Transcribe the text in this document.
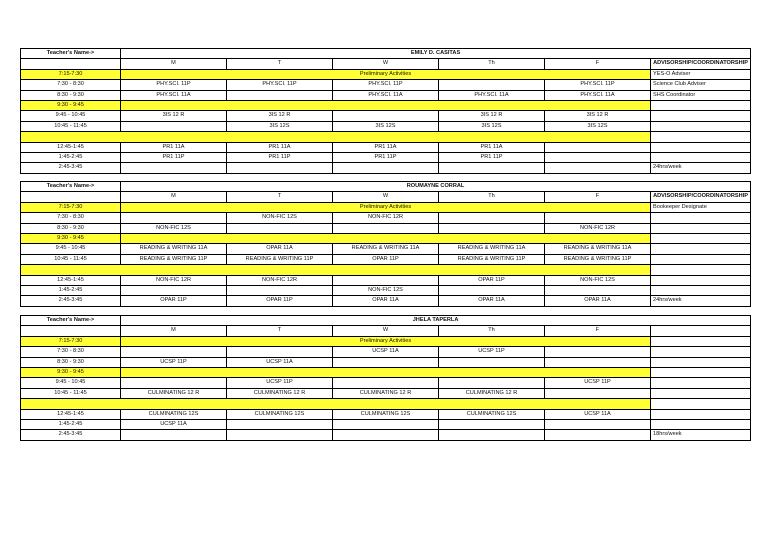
Teacher's Name->	EMILY D. CASITAS					
	M	T	W	Th	F	ADVISORSHIP/COORDINATORSHIP
7:15-7:30	Preliminary Activities					YES-O Adviser
7:30 - 8:30	PHY.SCI. 11P	PHY.SCI. 11P	PHY.SCI. 11P		PHY.SCI. 11P	Science Club Adviser
8:30 - 9:30	PHY.SCI. 11A		PHY.SCI. 11A	PHY.SCI. 11A	PHY.SCI. 11A	SHS Coordinator
9:30 - 9:45						
9:45 - 10:45	3IS 12 R	3IS 12 R		3IS 12 R	3IS 12 R	
10:45 - 11:45		3IS 12S	3IS 12S	3IS 12S	3IS 12S	

12:45-1:45	PR1 11A	PR1 11A	PR1 11A	PR1 11A		
1:45-2:45	PR1 11P	PR1 11P	PR1 11P	PR1 11P		
2:45-3:45						24hrs/week
Teacher's Name->	ROUMAYNE CORRAL					
	M	T	W	Th	F	ADVISORSHIP/COORDINATORSHIP
7:15-7:30	Preliminary Activities					Bookeeper Designate
7:30 - 8:30		NON-FIC 12S	NON-FIC 12R			
8:30 - 9:30	NON-FIC 12S				NON-FIC 12R	
9:30 - 9:45						
9:45 - 10:45	READING & WRITING 11A	OPAR 11A	READING & WRITING 11A	READING & WRITING 11A	READING & WRITING 11A	
10:45 - 11:45	READING & WRITING 11P	READING & WRITING 11P	OPAR 11P	READING & WRITING 11P	READING & WRITING 11P	

12:45-1:45	NON-FIC 12R	NON-FIC 12R		OPAR 11P	NON-FIC 12S	
1:45-2:45			NON-FIC 12S			
2:45-3:45	OPAR 11P	OPAR 11P	OPAR 11A	OPAR 11A	OPAR 11A	24hrs/week
Teacher's Name->	JHELA TAPERLA					
	M	T	W	Th	F	
7:15-7:30	Preliminary Activities					
7:30 - 8:30			UCSP 11A	UCSP 11P		
8:30 - 9:30	UCSP 11P	UCSP 11A				
9:30 - 9:45						
9:45 - 10:45		UCSP 11P			UCSP 11P	
10:45 - 11:45	CULMINATING 12 R	CULMINATING 12 R	CULMINATING 12 R	CULMINATING 12 R		

12:45-1:45	CULMINATING 12S	CULMINATING 12S	CULMINATING 12S	CULMINATING 12S	UCSP 11A	
1:45-2:45	UCSP 11A					
2:45-3:45						18hrs/week
